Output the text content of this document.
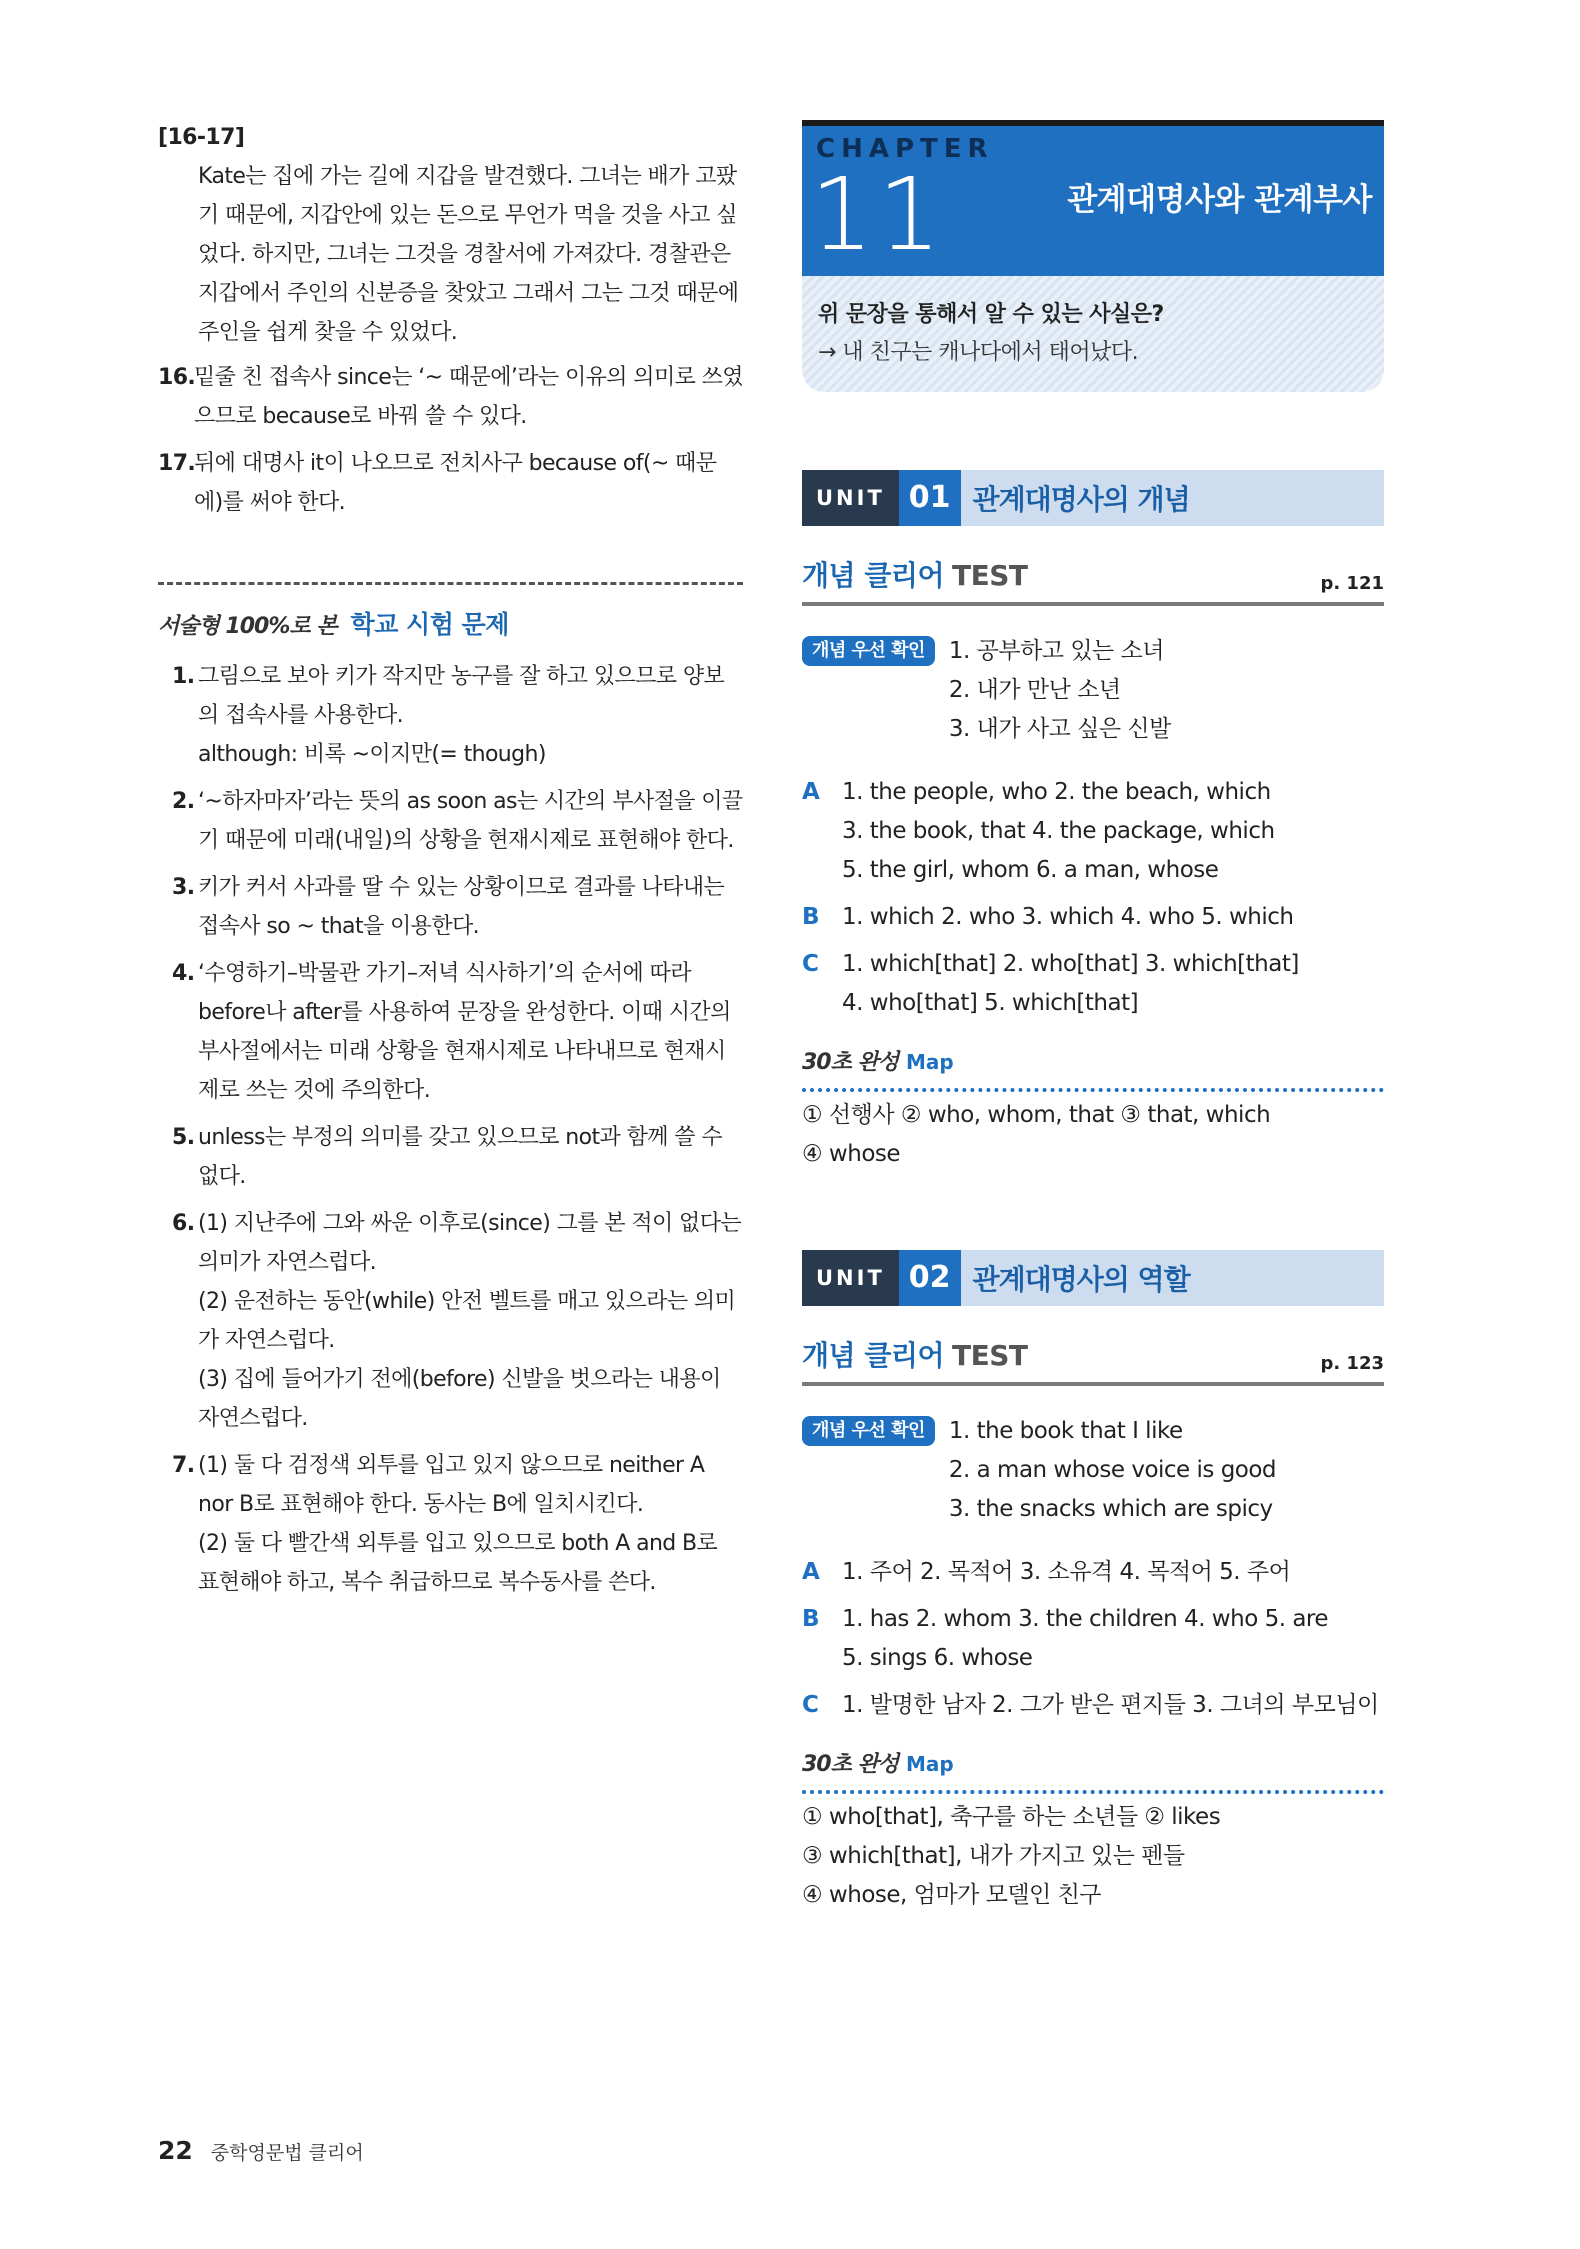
[16-17]

Kate는 집에 가는 길에 지갑을 발견했다. 그녀는 배가 고팠기 때문에, 지갑안에 있는 돈으로 무언가 먹을 것을 사고 싶었다. 하지만, 그녀는 그것을 경찰서에 가져갔다. 경찰관은 지갑에서 주인의 신분증을 찾았고 그래서 그는 그것 때문에 주인을 쉽게 찾을 수 있었다.

16.
밑줄 친 접속사 since는 ‘~ 때문에’라는 이유의 의미로 쓰였으므로 because로 바꿔 쓸 수 있다.
17.
뒤에 대명사 it이 나오므로 전치사구 because of(~ 때문에)를 써야 한다.
서술형 100%로 본 학교 시험 문제
1. 그림으로 보아 키가 작지만 농구를 잘 하고 있으므로 양보의 접속사를 사용한다.
although: 비록 ~이지만(= though)
2. ‘~하자마자’라는 뜻의 as soon as는 시간의 부사절을 이끌기 때문에 미래(내일)의 상황을 현재시제로 표현해야 한다.
3. 키가 커서 사과를 딸 수 있는 상황이므로 결과를 나타내는 접속사 so ~ that을 이용한다.
4. ‘수영하기–박물관 가기–저녁 식사하기’의 순서에 따라 before나 after를 사용하여 문장을 완성한다. 이때 시간의 부사절에서는 미래 상황을 현재시제로 나타내므로 현재시제로 쓰는 것에 주의한다.
5. unless는 부정의 의미를 갖고 있으므로 not과 함께 쓸 수 없다.
6. (1) 지난주에 그와 싸운 이후로(since) 그를 본 적이 없다는 의미가 자연스럽다.
(2) 운전하는 동안(while) 안전 벨트를 매고 있으라는 의미가 자연스럽다.
(3) 집에 들어가기 전에(before) 신발을 벗으라는 내용이 자연스럽다.
7. (1) 둘 다 검정색 외투를 입고 있지 않으므로 neither A nor B로 표현해야 한다. 동사는 B에 일치시킨다.
(2) 둘 다 빨간색 외투를 입고 있으므로 both A and B로 표현해야 하고, 복수 취급하므로 복수동사를 쓴다.
CHAPTER
11	관계대명사와 관계부사
위 문장을 통해서 알 수 있는 사실은?
→ 내 친구는 캐나다에서 태어났다.
UNIT 01 관계대명사의 개념
개념 클리어 TEST	p. 121
개념 우선 확인	1. 공부하고 있는 소녀
2. 내가 만난 소년
3. 내가 사고 싶은 신발
A 1. the people, who 2. the beach, which
3. the book, that 4. the package, which
5. the girl, whom 6. a man, whose
B 1. which 2. who 3. which 4. who 5. which
C	1. which[that] 2. who[that] 3. which[that]
4. who[that] 5. which[that]
30초 완성 Map
① 선행사 ② who, whom, that ③ that, which
④ whose
UNIT 02 관계대명사의 역할
개념 클리어 TEST	p. 123
개념 우선 확인	1. the book that I like
2. a man whose voice is good
3. the snacks which are spicy
A 1. 주어 2. 목적어 3. 소유격 4. 목적어 5. 주어
B 1. has 2. whom 3. the children 4. who 5. are
5. sings 6. whose
C	1. 발명한 남자 2. 그가 받은 편지들 3. 그녀의 부모님이
30초 완성 Map
① who[that], 축구를 하는 소년들 ② likes
③ which[that], 내가 가지고 있는 펜들
④ whose, 엄마가 모델인 친구
22 중학영문법 클리어
